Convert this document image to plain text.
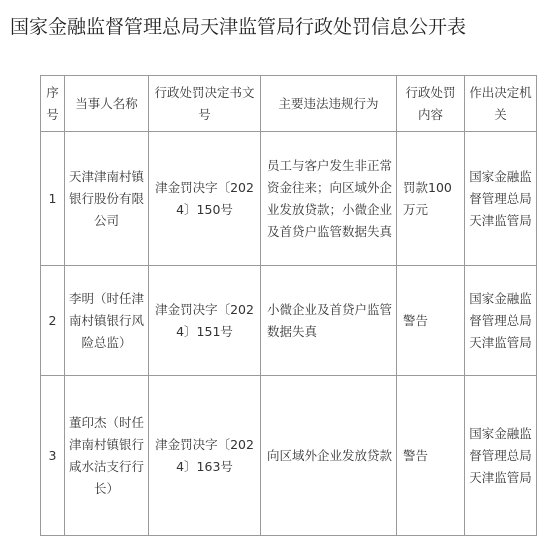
国家金融监督管理总局天津监管局行政处罚信息公开表
序号	当事人名称	行政处罚决定书文号	主要违法违规行为	行政处罚内容	作出决定机关
1	天津津南村镇银行股份有限公司	津金罚决字〔2024〕150号	员工与客户发生非正常资金往来；向区域外企业发放贷款；小微企业及首贷户监管数据失真	罚款100万元	国家金融监督管理总局天津监管局
2	李明（时任津南村镇银行风险总监）	津金罚决字〔2024〕151号	小微企业及首贷户监管数据失真	警告	国家金融监督管理总局天津监管局
3	董印杰（时任津南村镇银行咸水沽支行行长）	津金罚决字〔2024〕163号	向区域外企业发放贷款	警告	国家金融监督管理总局天津监管局
